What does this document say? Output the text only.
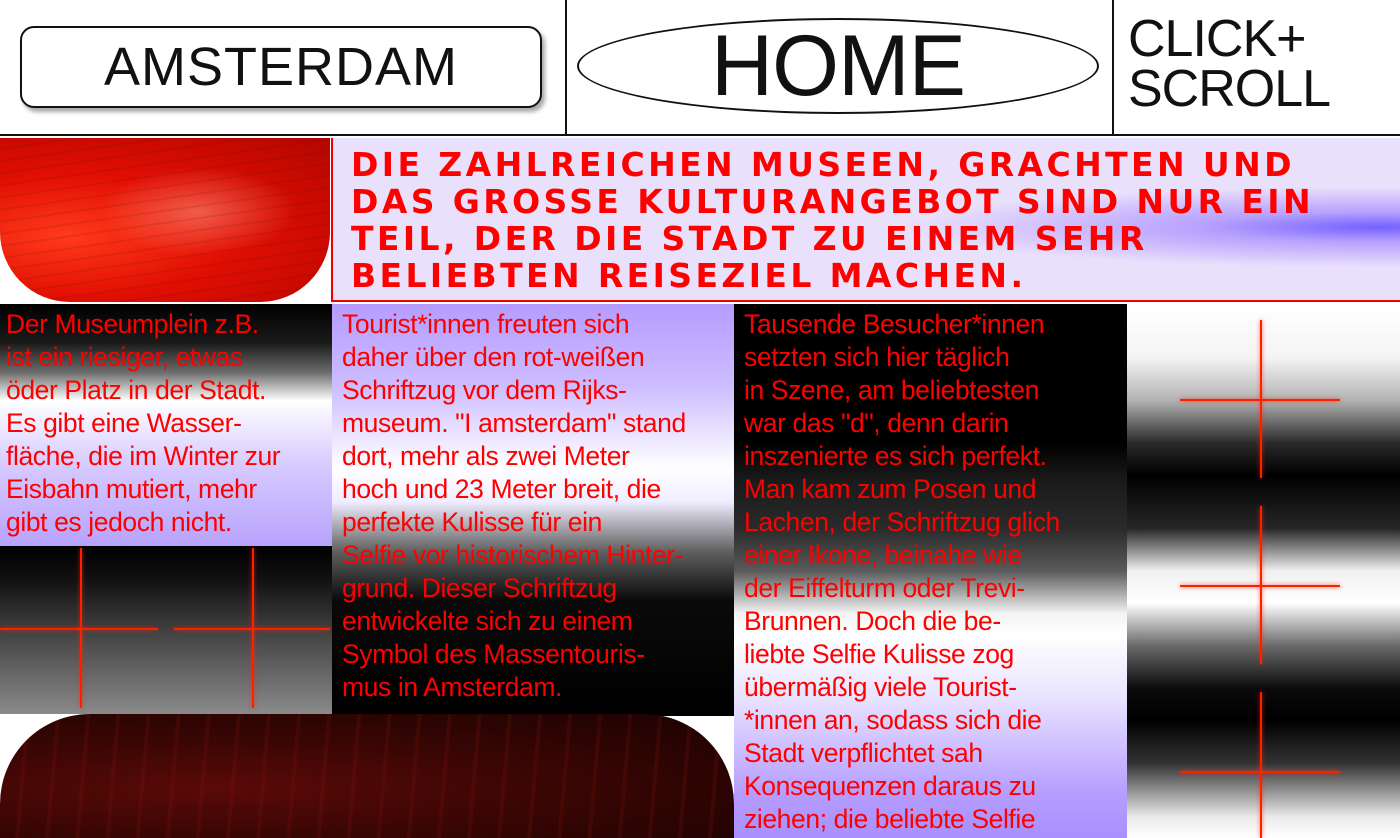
AMSTERDAM	HOME	CLICK+
SCROLL
DIE ZAHLREICHEN MUSEEN, GRACHTEN UND DAS GROSSE KULTURANGEBOT SIND NUR EIN TEIL, DER DIE STADT ZU EINEM SEHR BELIEBTEN REISEZIEL MACHEN.

Der Museumplein z.B.
ist ein riesiger, etwas
öder Platz in der Stadt.
Es gibt eine Wasser-
fläche, die im Winter zur
Eisbahn mutiert, mehr
gibt es jedoch nicht.

Tourist*innen freuten sich
daher über den rot-weißen
Schriftzug vor dem Rijks-
museum. "I amsterdam" stand
dort, mehr als zwei Meter
hoch und 23 Meter breit, die
perfekte Kulisse für ein
Selfie vor historischem Hinter-
grund. Dieser Schriftzug
entwickelte sich zu einem
Symbol des Massentouris-
mus in Amsterdam.

Tausende Besucher*innen
setzten sich hier täglich
in Szene, am beliebtesten
war das "d", denn darin
inszenierte es sich perfekt.
Man kam zum Posen und
Lachen, der Schriftzug glich
einer Ikone, beinahe wie
der Eiffelturm oder Trevi-
Brunnen. Doch die be-
liebte Selfie Kulisse zog
übermäßig viele Tourist-
*innen an, sodass sich die
Stadt verpflichtet sah
Konsequenzen daraus zu
ziehen; die beliebte Selfie
